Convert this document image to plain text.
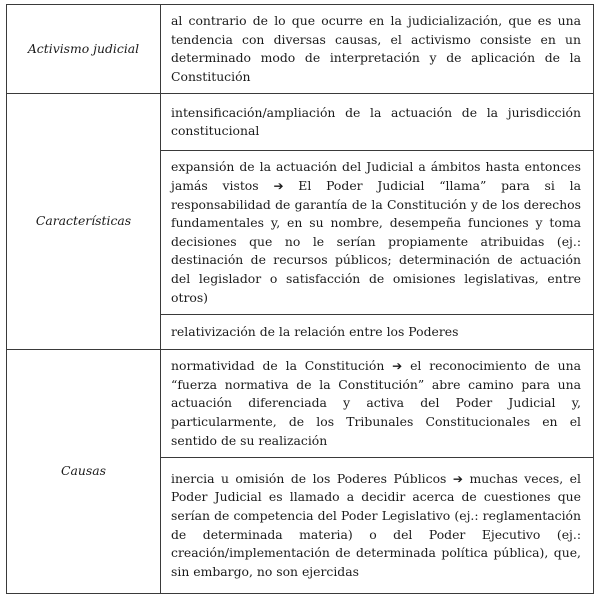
Activismo judicial	al contrario de lo que ocurre en la judicialización, que es una tendencia con diversas causas, el activismo consiste en un determinado modo de interpretación y de aplicación de la Constitución
Características	intensificación/ampliación de la actuación de la jurisdicción constitucional
	expansión de la actuación del Judicial a ámbitos hasta entonces jamás vistos ➔ El Poder Judicial “llama” para si la responsabilidad de garantía de la Constitución y de los derechos fundamentales y, en su nombre, desempeña funciones y toma decisiones que no le serían propiamente atribuidas (ej.: destinación de recursos públicos; determinación de actuación del legislador o satisfacción de omisiones legislativas, entre otros)
	relativización de la relación entre los Poderes
Causas	normatividad de la Constitución ➔ el reconocimiento de una “fuerza normativa de la Constitución” abre camino para una actuación diferenciada y activa del Poder Judicial y, particularmente, de los Tribunales Constitucionales en el sentido de su realización
	inercia u omisión de los Poderes Públicos ➔ muchas veces, el Poder Judicial es llamado a decidir acerca de cuestiones que serían de competencia del Poder Legislativo (ej.: reglamentación de determinada materia) o del Poder Ejecutivo (ej.: creación/implementación de determinada política pública), que, sin embargo, no son ejercidas
